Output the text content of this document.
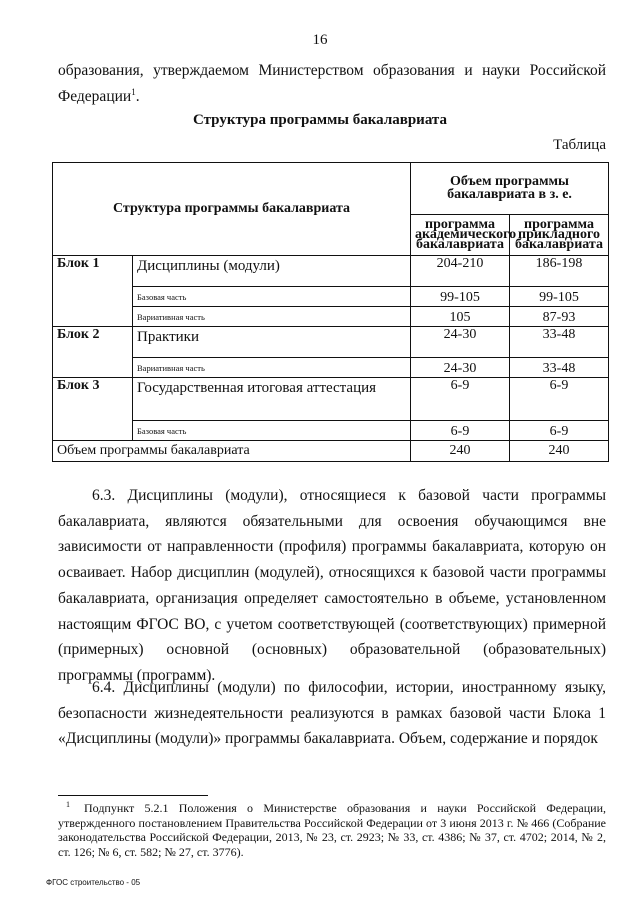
16
образования, утверждаемом Министерством образования и науки Российской
Федерации$^1$.
Структура программы бакалавриата
Таблица
Структура программы бакалавриата		Объем программы бакалавриата в з. е.	
		программа академического бакалавриата	программа прикладного бакалавриата
Блок 1	Дисциплины (модули)	204-210	186-198
	Базовая часть	99-105	99-105
	Вариативная часть	105	87-93
Блок 2	Практики	24-30	33-48
	Вариативная часть	24-30	33-48
Блок 3	Государственная итоговая аттестация	6-9	6-9
	Базовая часть	6-9	6-9
Объем программы бакалавриата		240	240

6.3. Дисциплины (модули), относящиеся к базовой части программы бакалавриата, являются обязательными для освоения обучающимся вне зависимости от направленности (профиля) программы бакалавриата, которую он осваивает. Набор дисциплин (модулей), относящихся к базовой части программы бакалавриата, организация определяет самостоятельно в объеме, установленном настоящим ФГОС ВО, с учетом соответствующей (соответствующих) примерной (примерных) основной (основных) образовательной (образовательных) программы (программ).

6.4. Дисциплины (модули) по философии, истории, иностранному языку, безопасности жизнедеятельности реализуются в рамках базовой части Блока 1 «Дисциплины (модули)» программы бакалавриата. Объем, содержание и порядок

$^1$ Подпункт 5.2.1 Положения о Министерстве образования и науки Российской Федерации, утвержденного постановлением Правительства Российской Федерации от 3 июня 2013 г. № 466 (Собрание законодательства Российской Федерации, 2013, № 23, ст. 2923; № 33, ст. 4386; № 37, ст. 4702; 2014, № 2, ст. 126; № 6, ст. 582; № 27, ст. 3776).
ФГОС строительство - 05
